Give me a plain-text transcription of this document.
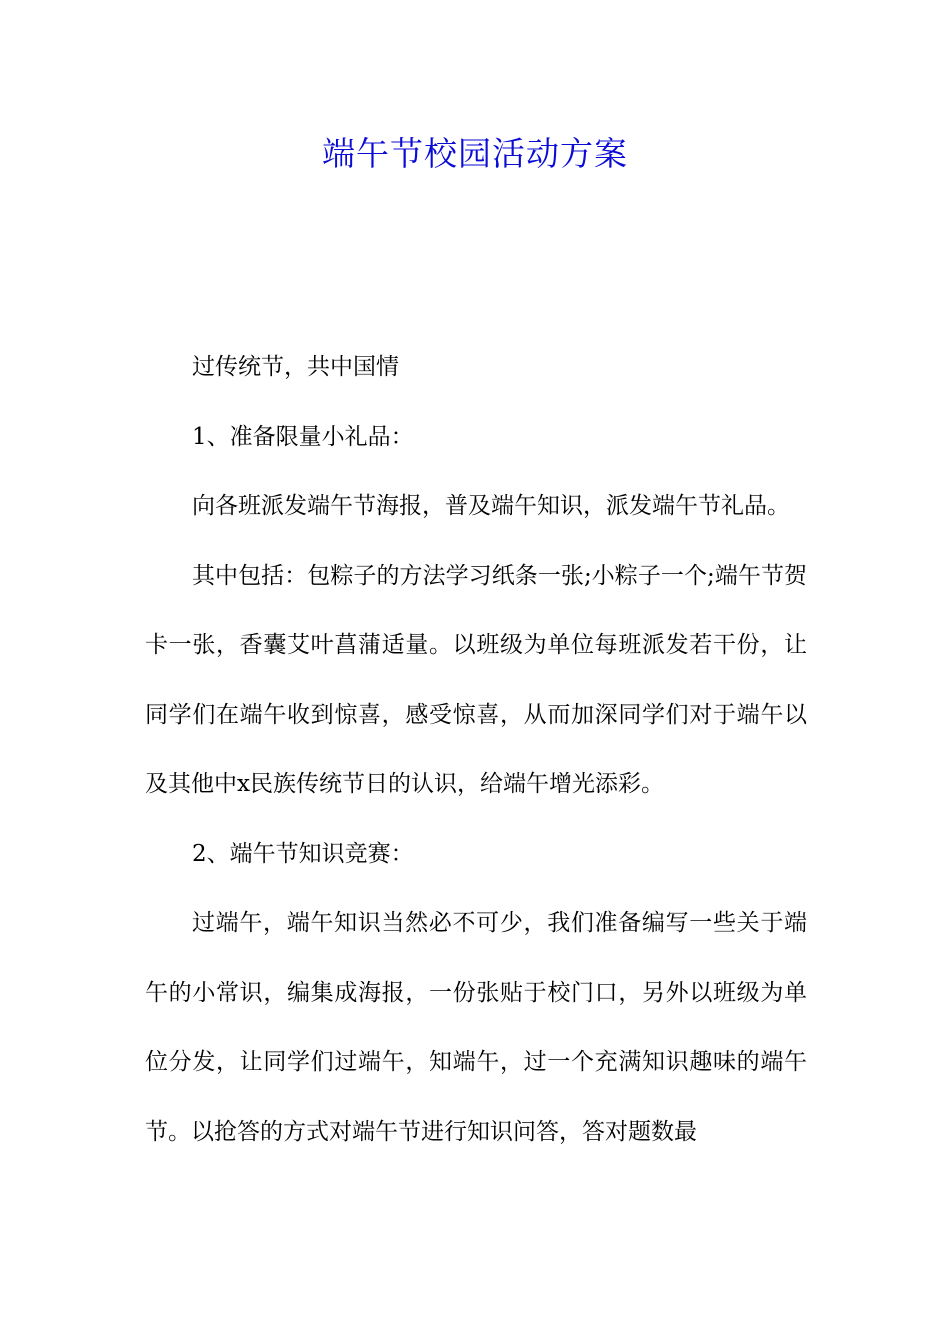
端午节校园活动方案

过传统节，共中国情

1、准备限量小礼品：

向各班派发端午节海报，普及端午知识，派发端午节礼品。

其中包括：包粽子的方法学习纸条一张;小粽子一个;端午节贺卡一张，香囊艾叶菖蒲适量。以班级为单位每班派发若干份，让同学们在端午收到惊喜，感受惊喜，从而加深同学们对于端午以及其他中x民族传统节日的认识，给端午增光添彩。

2、端午节知识竞赛：

过端午，端午知识当然必不可少，我们准备编写一些关于端午的小常识，编集成海报，一份张贴于校门口，另外以班级为单位分发，让同学们过端午，知端午，过一个充满知识趣味的端午节。以抢答的方式对端午节进行知识问答，答对题数最
